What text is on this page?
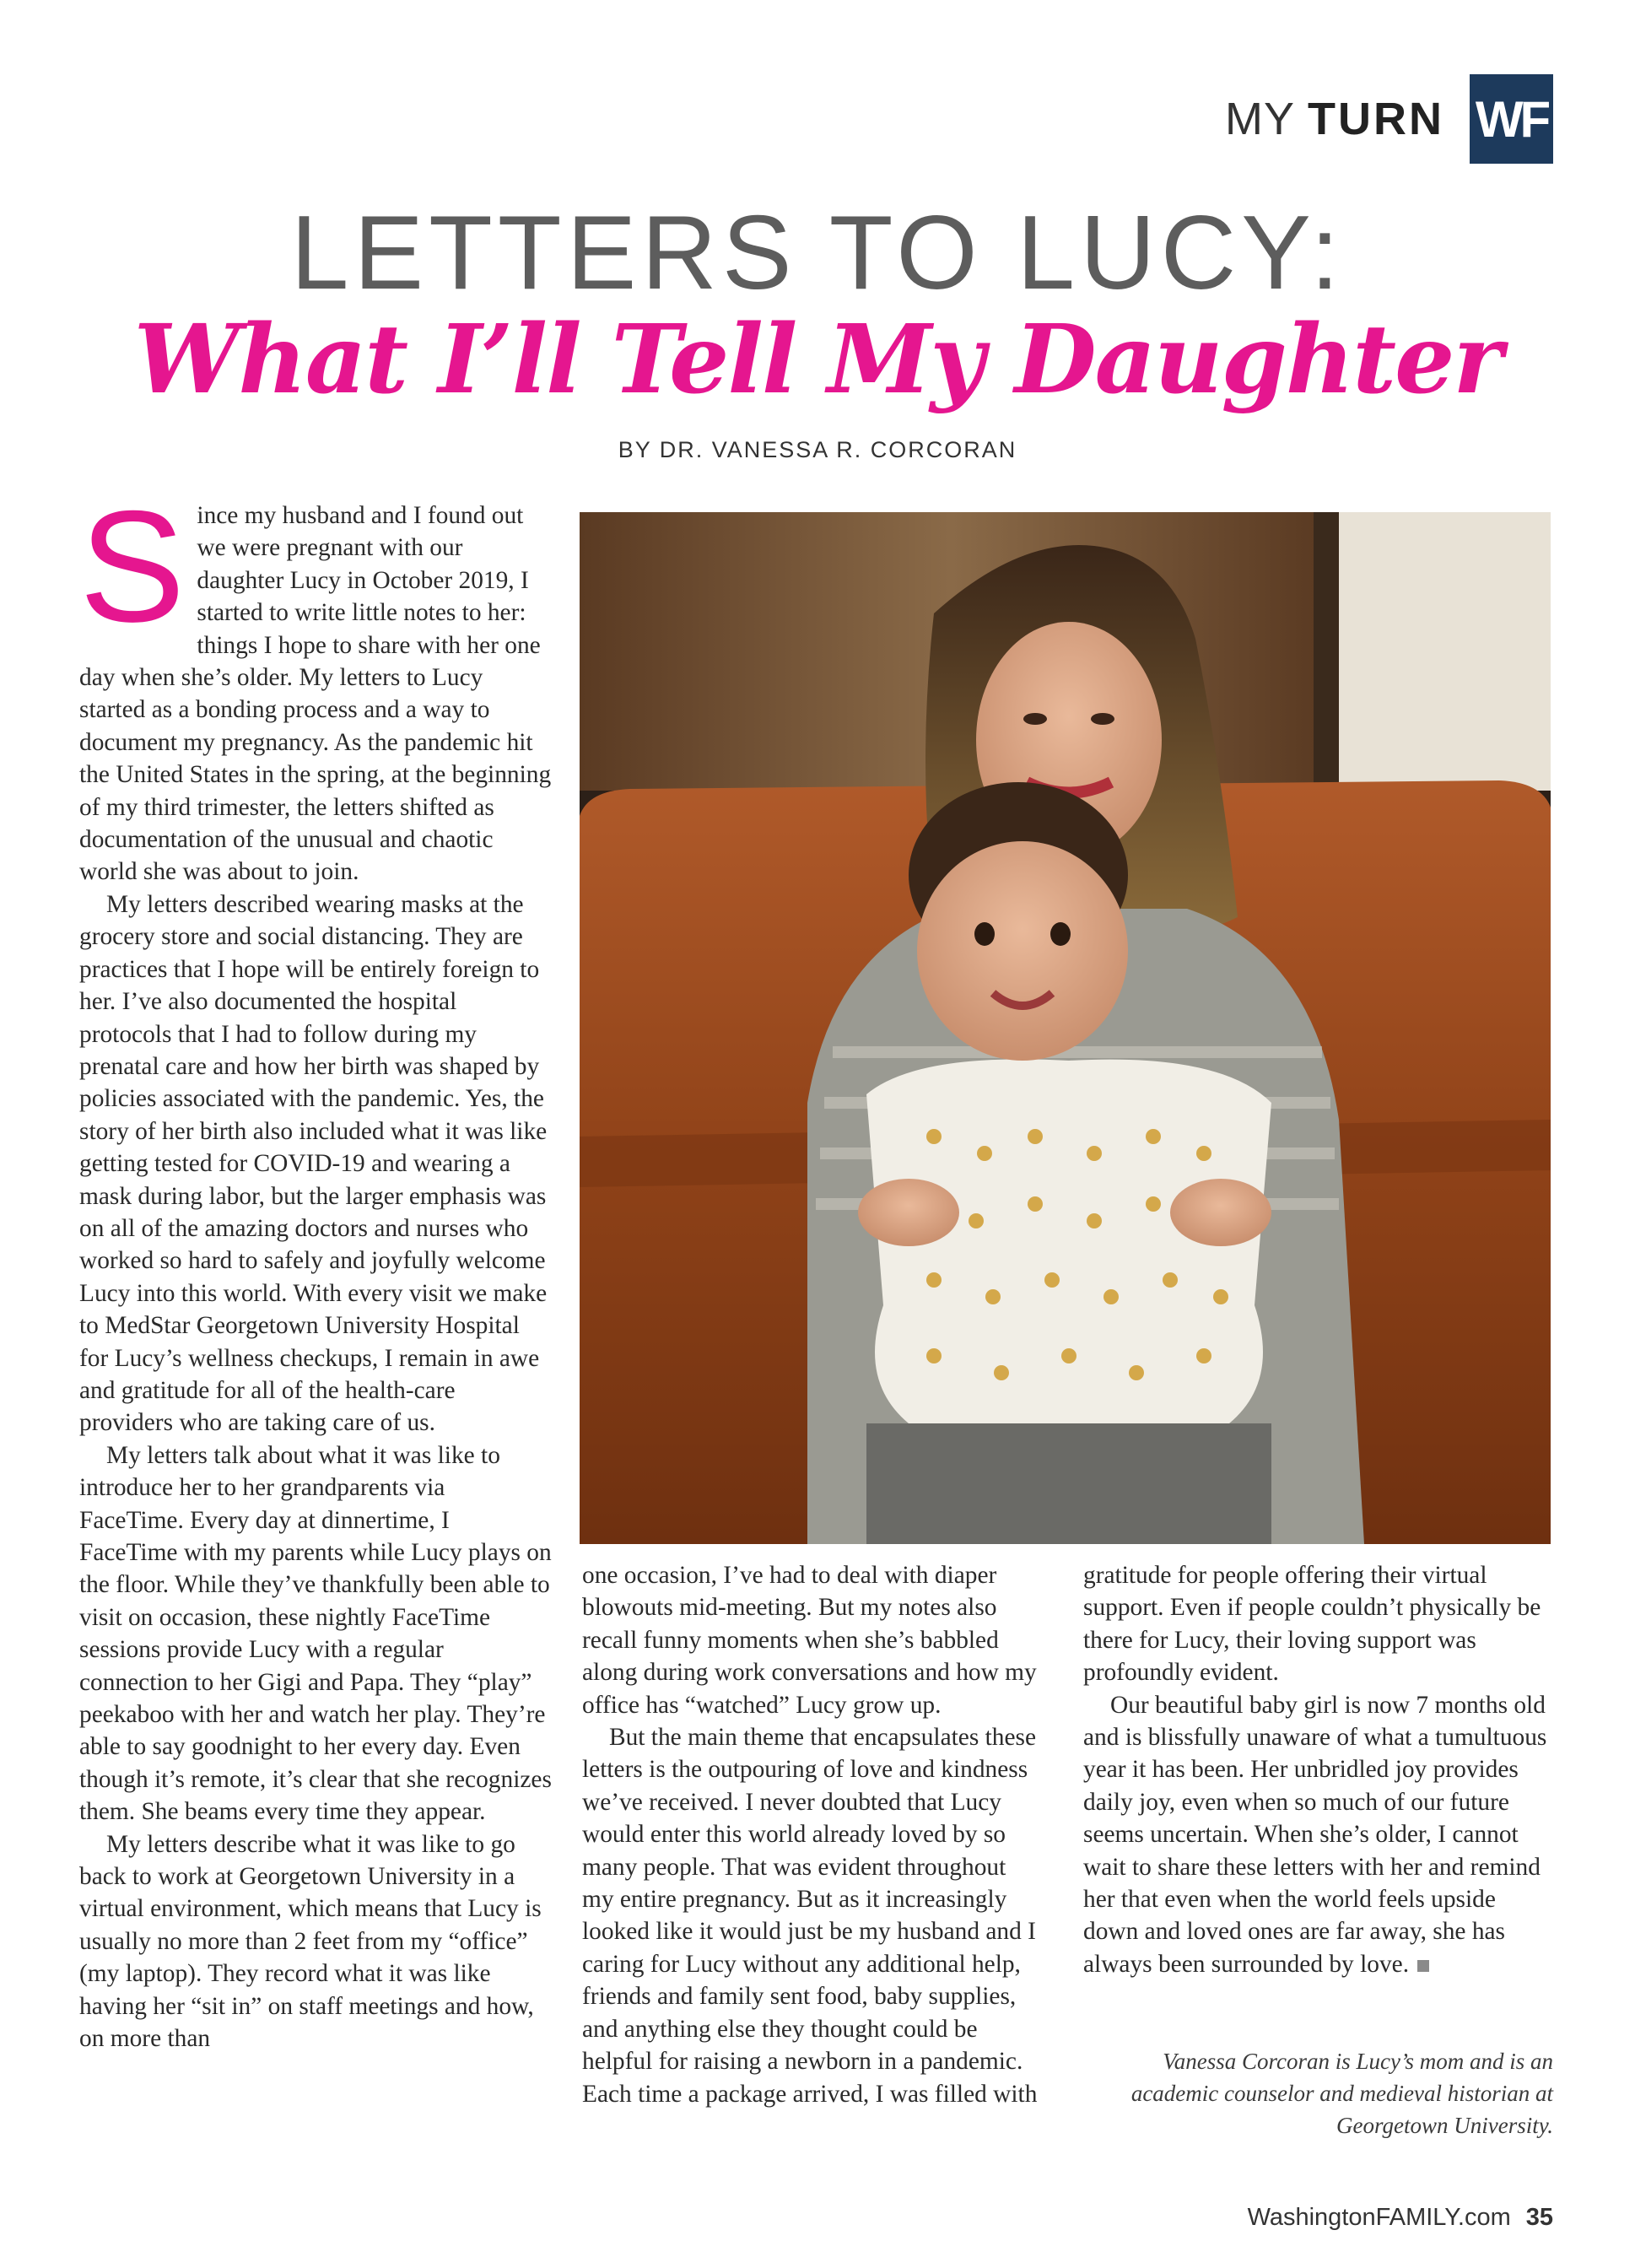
MY TURN WF
LETTERS TO LUCY:
What I’ll Tell My Daughter
BY DR. VANESSA R. CORCORAN

Since my husband and I found out we were pregnant with our daughter Lucy in October 2019, I started to write little notes to her: things I hope to share with her one day when she’s older. My letters to Lucy started as a bonding process and a way to document my pregnancy. As the pandemic hit the United States in the spring, at the beginning of my third trimester, the letters shifted as documentation of the unusual and chaotic world she was about to join.

My letters described wearing masks at the grocery store and social distancing. They are practices that I hope will be entirely foreign to her. I’ve also documented the hospital protocols that I had to follow during my prenatal care and how her birth was shaped by policies associated with the pandemic. Yes, the story of her birth also included what it was like getting tested for COVID-19 and wearing a mask during labor, but the larger emphasis was on all of the amazing doctors and nurses who worked so hard to safely and joyfully welcome Lucy into this world. With every visit we make to MedStar Georgetown University Hospital for Lucy’s wellness checkups, I remain in awe and gratitude for all of the health-care providers who are taking care of us.

My letters talk about what it was like to introduce her to her grandparents via FaceTime. Every day at dinnertime, I FaceTime with my parents while Lucy plays on the floor. While they’ve thankfully been able to visit on occasion, these nightly FaceTime sessions provide Lucy with a regular connection to her Gigi and Papa. They “play” peekaboo with her and watch her play. They’re able to say goodnight to her every day. Even though it’s remote, it’s clear that she recognizes them. She beams every time they appear.

My letters describe what it was like to go back to work at Georgetown University in a virtual environment, which means that Lucy is usually no more than 2 feet from my “office” (my laptop). They record what it was like having her “sit in” on staff meetings and how, on more than

one occasion, I’ve had to deal with diaper blowouts mid-meeting. But my notes also recall funny moments when she’s babbled along during work conversations and how my office has “watched” Lucy grow up.

But the main theme that encapsulates these letters is the outpouring of love and kindness we’ve received. I never doubted that Lucy would enter this world already loved by so many people. That was evident throughout my entire pregnancy. But as it increasingly looked like it would just be my husband and I caring for Lucy without any additional help, friends and family sent food, baby supplies, and anything else they thought could be helpful for raising a newborn in a pandemic. Each time a package arrived, I was filled with

gratitude for people offering their virtual support. Even if people couldn’t physically be there for Lucy, their loving support was profoundly evident.

Our beautiful baby girl is now 7 months old and is blissfully unaware of what a tumultuous year it has been. Her unbridled joy provides daily joy, even when so much of our future seems uncertain. When she’s older, I cannot wait to share these letters with her and remind her that even when the world feels upside down and loved ones are far away, she has always been surrounded by love.

Vanessa Corcoran is Lucy’s mom and is an academic counselor and medieval historian at Georgetown University.
WashingtonFAMILY.com 35
